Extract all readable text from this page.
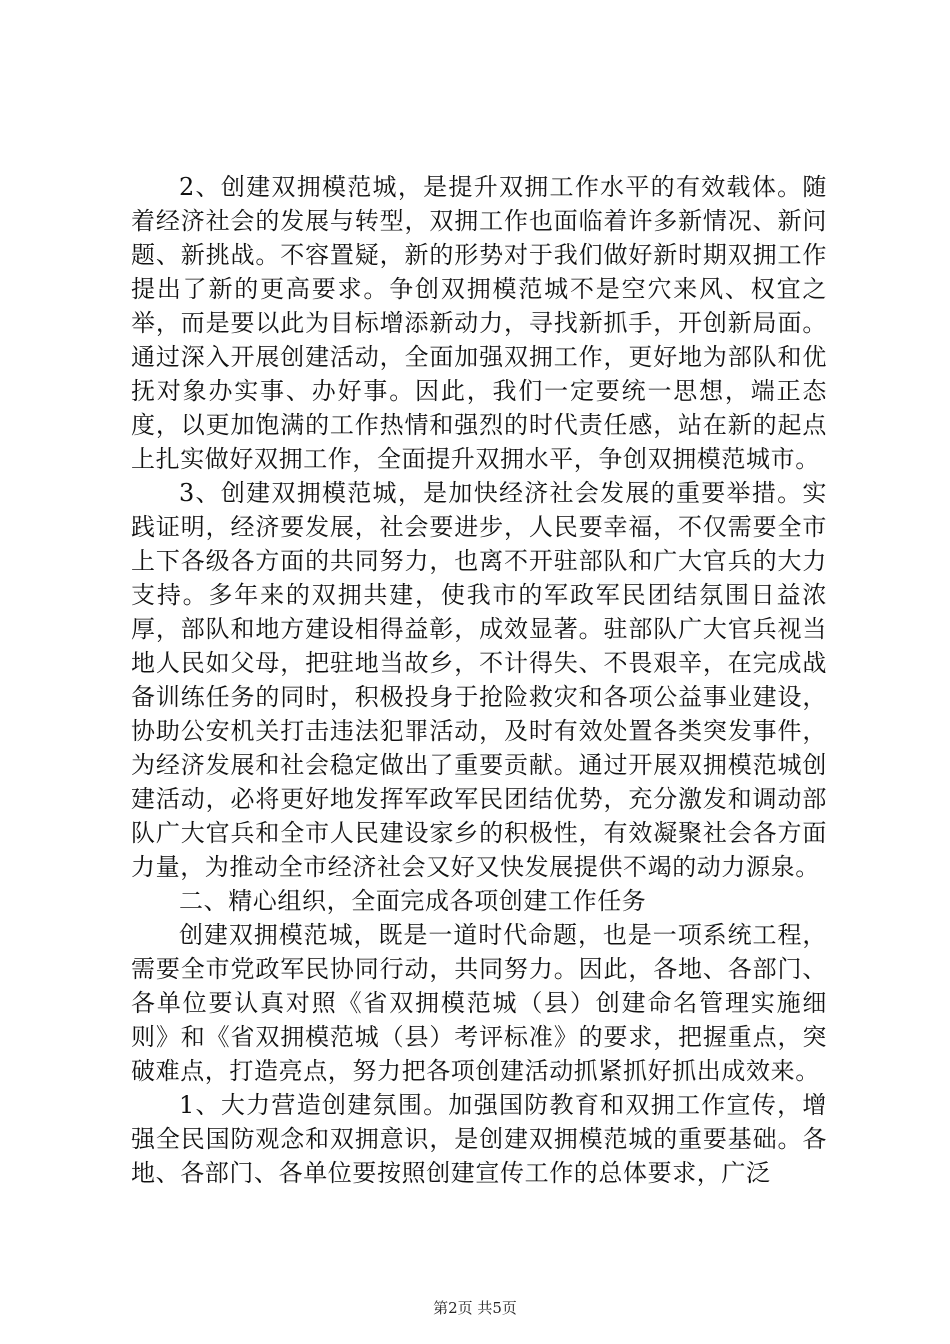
2、创建双拥模范城，是提升双拥工作水平的有效载体。随着经济社会的发展与转型，双拥工作也面临着许多新情况、新问题、新挑战。不容置疑，新的形势对于我们做好新时期双拥工作提出了新的更高要求。争创双拥模范城不是空穴来风、权宜之举，而是要以此为目标增添新动力，寻找新抓手，开创新局面。通过深入开展创建活动，全面加强双拥工作，更好地为部队和优抚对象办实事、办好事。因此，我们一定要统一思想，端正态度，以更加饱满的工作热情和强烈的时代责任感，站在新的起点上扎实做好双拥工作，全面提升双拥水平，争创双拥模范城市。

3、创建双拥模范城，是加快经济社会发展的重要举措。实践证明，经济要发展，社会要进步，人民要幸福，不仅需要全市上下各级各方面的共同努力，也离不开驻部队和广大官兵的大力支持。多年来的双拥共建，使我市的军政军民团结氛围日益浓厚，部队和地方建设相得益彰，成效显著。驻部队广大官兵视当地人民如父母，把驻地当故乡，不计得失、不畏艰辛，在完成战备训练任务的同时，积极投身于抢险救灾和各项公益事业建设，协助公安机关打击违法犯罪活动，及时有效处置各类突发事件，为经济发展和社会稳定做出了重要贡献。通过开展双拥模范城创建活动，必将更好地发挥军政军民团结优势，充分激发和调动部队广大官兵和全市人民建设家乡的积极性，有效凝聚社会各方面力量，为推动全市经济社会又好又快发展提供不竭的动力源泉。

二、精心组织，全面完成各项创建工作任务

创建双拥模范城，既是一道时代命题，也是一项系统工程，需要全市党政军民协同行动，共同努力。因此，各地、各部门、各单位要认真对照《省双拥模范城（县）创建命名管理实施细则》和《省双拥模范城（县）考评标准》的要求，把握重点，突破难点，打造亮点，努力把各项创建活动抓紧抓好抓出成效来。

1、大力营造创建氛围。加强国防教育和双拥工作宣传，增强全民国防观念和双拥意识，是创建双拥模范城的重要基础。各地、各部门、各单位要按照创建宣传工作的总体要求，广泛

第2页 共5页
